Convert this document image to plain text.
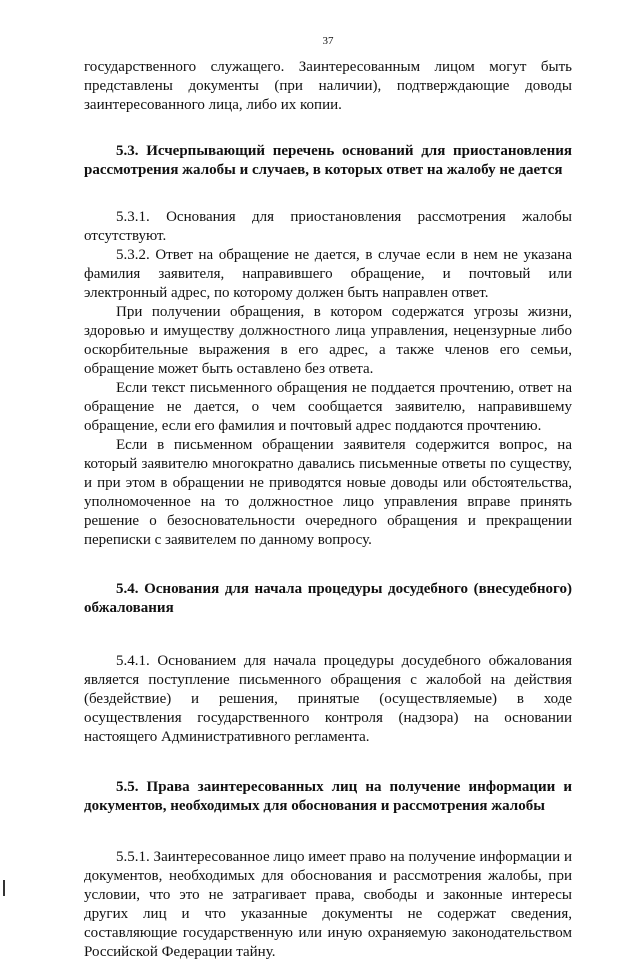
37

государственного служащего. Заинтересованным лицом могут быть представлены документы (при наличии), подтверждающие доводы заинтересованного лица, либо их копии.

5.3. Исчерпывающий перечень оснований для приостановления рассмотрения жалобы и случаев, в которых ответ на жалобу не дается

5.3.1. Основания для приостановления рассмотрения жалобы отсутствуют.

5.3.2. Ответ на обращение не дается, в случае если в нем не указана фамилия заявителя, направившего обращение, и почтовый или электронный адрес, по которому должен быть направлен ответ.

При получении обращения, в котором содержатся угрозы жизни, здоровью и имуществу должностного лица управления, нецензурные либо оскорбительные выражения в его адрес, а также членов его семьи, обращение может быть оставлено без ответа.

Если текст письменного обращения не поддается прочтению, ответ на обращение не дается, о чем сообщается заявителю, направившему обращение, если его фамилия и почтовый адрес поддаются прочтению.

Если в письменном обращении заявителя содержится вопрос, на который заявителю многократно давались письменные ответы по существу, и при этом в обращении не приводятся новые доводы или обстоятельства, уполномоченное на то должностное лицо управления вправе принять решение о безосновательности очередного обращения и прекращении переписки с заявителем по данному вопросу.

5.4. Основания для начала процедуры досудебного (внесудебного) обжалования

5.4.1. Основанием для начала процедуры досудебного обжалования является поступление письменного обращения с жалобой на действия (бездействие) и решения, принятые (осуществляемые) в ходе осуществления государственного контроля (надзора) на основании настоящего Административного регламента.

5.5. Права заинтересованных лиц на получение информации и документов, необходимых для обоснования и рассмотрения жалобы

5.5.1. Заинтересованное лицо имеет право на получение информации и документов, необходимых для обоснования и рассмотрения жалобы, при условии, что это не затрагивает права, свободы и законные интересы других лиц и что указанные документы не содержат сведения, составляющие государственную или иную охраняемую законодательством Российской Федерации тайну.
